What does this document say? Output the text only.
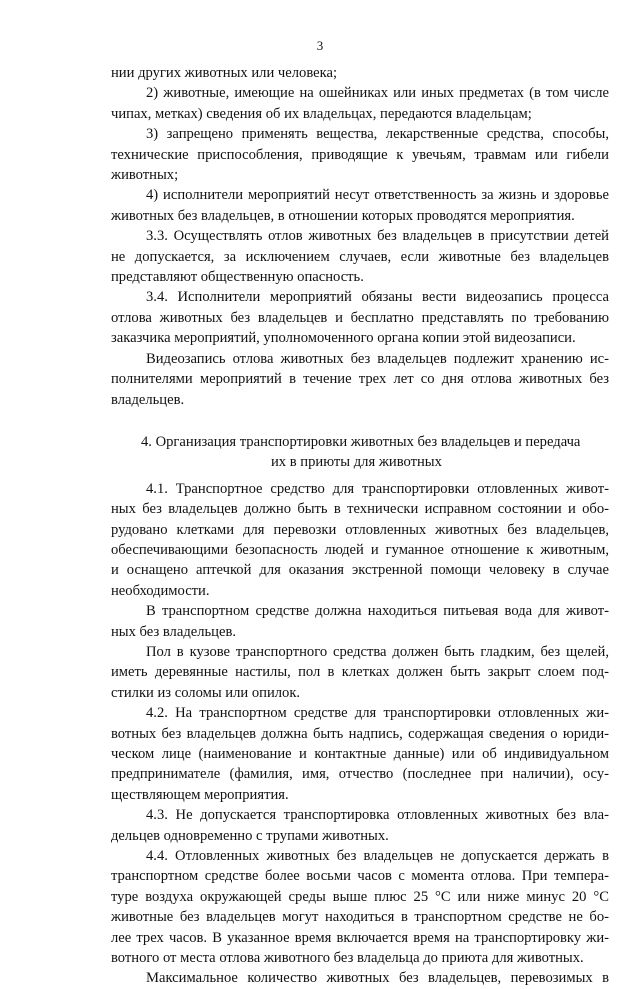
3
нии других животных или человека;
2) животные, имеющие на ошейниках или иных предметах (в том числе
чипах, метках) сведения об их владельцах, передаются владельцам;
3) запрещено применять вещества, лекарственные средства, способы,
технические приспособления, приводящие к увечьям, травмам или гибели
животных;
4) исполнители мероприятий несут ответственность за жизнь и здоровье
животных без владельцев, в отношении которых проводятся мероприятия.
3.3. Осуществлять отлов животных без владельцев в присутствии детей
не допускается, за исключением случаев, если животные без владельцев
представляют общественную опасность.
3.4. Исполнители мероприятий обязаны вести видеозапись процесса
отлова животных без владельцев и бесплатно представлять по требованию
заказчика мероприятий, уполномоченного органа копии этой видеозаписи.
Видеозапись отлова животных без владельцев подлежит хранению ис-
полнителями мероприятий в течение трех лет со дня отлова животных без
владельцев.
4. Организация транспортировки животных без владельцев и передача
их в приюты для животных
4.1. Транспортное средство для транспортировки отловленных живот-
ных без владельцев должно быть в технически исправном состоянии и обо-
рудовано клетками для перевозки отловленных животных без владельцев,
обеспечивающими безопасность людей и гуманное отношение к животным,
и оснащено аптечкой для оказания экстренной помощи человеку в случае
необходимости.
В транспортном средстве должна находиться питьевая вода для живот-
ных без владельцев.
Пол в кузове транспортного средства должен быть гладким, без щелей,
иметь деревянные настилы, пол в клетках должен быть закрыт слоем под-
стилки из соломы или опилок.
4.2. На транспортном средстве для транспортировки отловленных жи-
вотных без владельцев должна быть надпись, содержащая сведения о юриди-
ческом лице (наименование и контактные данные) или об индивидуальном
предпринимателе (фамилия, имя, отчество (последнее при наличии), осу-
ществляющем мероприятия.
4.3. Не допускается транспортировка отловленных животных без вла-
дельцев одновременно с трупами животных.
4.4. Отловленных животных без владельцев не допускается держать в
транспортном средстве более восьми часов с момента отлова. При темпера-
туре воздуха окружающей среды выше плюс 25 °С или ниже минус 20 °С
животные без владельцев могут находиться в транспортном средстве не бо-
лее трех часов. В указанное время включается время на транспортировку жи-
вотного от места отлова животного без владельца до приюта для животных.
Максимальное количество животных без владельцев, перевозимых в
